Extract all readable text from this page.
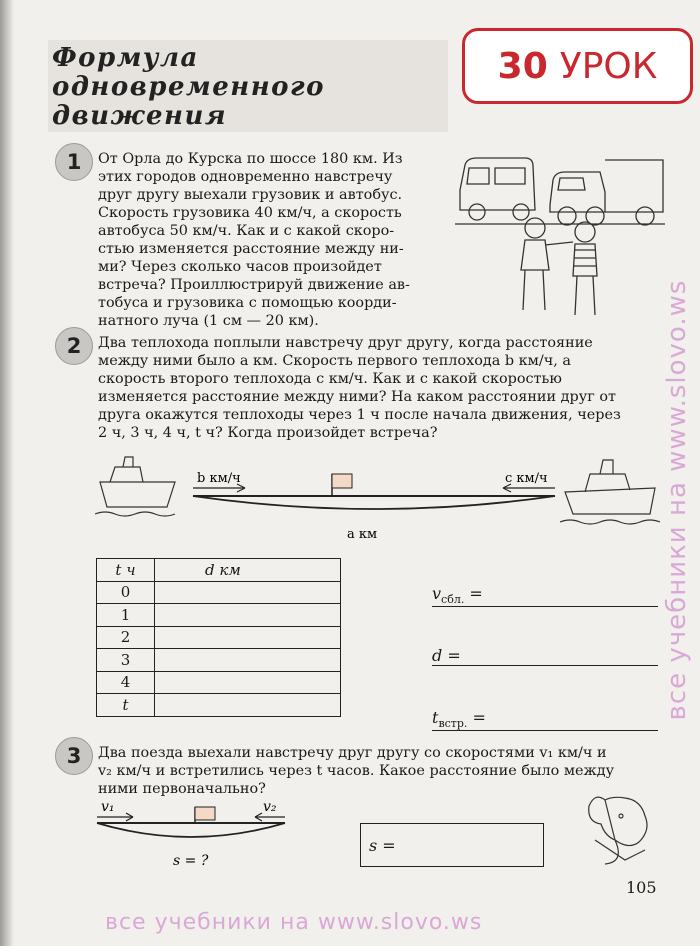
Формула
одновременного
движения
30 УРОК
1	От Орла до Курска по шоссе 180 км. Из
этих городов одновременно навстречу
друг другу выехали грузовик и автобус.
Скорость грузовика 40 км/ч, а скорость
автобуса 50 км/ч. Как и с какой скоро-
стью изменяется расстояние между ни-
ми? Через сколько часов произойдет
встреча? Проиллюстрируй движение ав-
тобуса и грузовика с помощью коорди-
натного луча (1 см — 20 км).
2	Два теплохода поплыли навстречу друг другу, когда расстояние
между ними было a км. Скорость первого теплохода b км/ч, а
скорость второго теплохода c км/ч. Как и с какой скоростью
изменяется расстояние между ними? На каком расстоянии друг от
друга окажутся теплоходы через 1 ч после начала движения, через
2 ч, 3 ч, 4 ч, t ч? Когда произойдет встреча?
b км/ч	c км/ч
a км
t ч	d км
0	
1	
2	
3	
4	
t	
$v_{сбл.}$ =
d =
$t_{встр.}$ =
3	Два поезда выехали навстречу друг другу со скоростями v₁ км/ч и
v₂ км/ч и встретились через t часов. Какое расстояние было между
ними первоначально?
v₁	v₂
s = ?
s =
105
все учебники на www.slovo.ws
все учебники на www.slovo.ws
